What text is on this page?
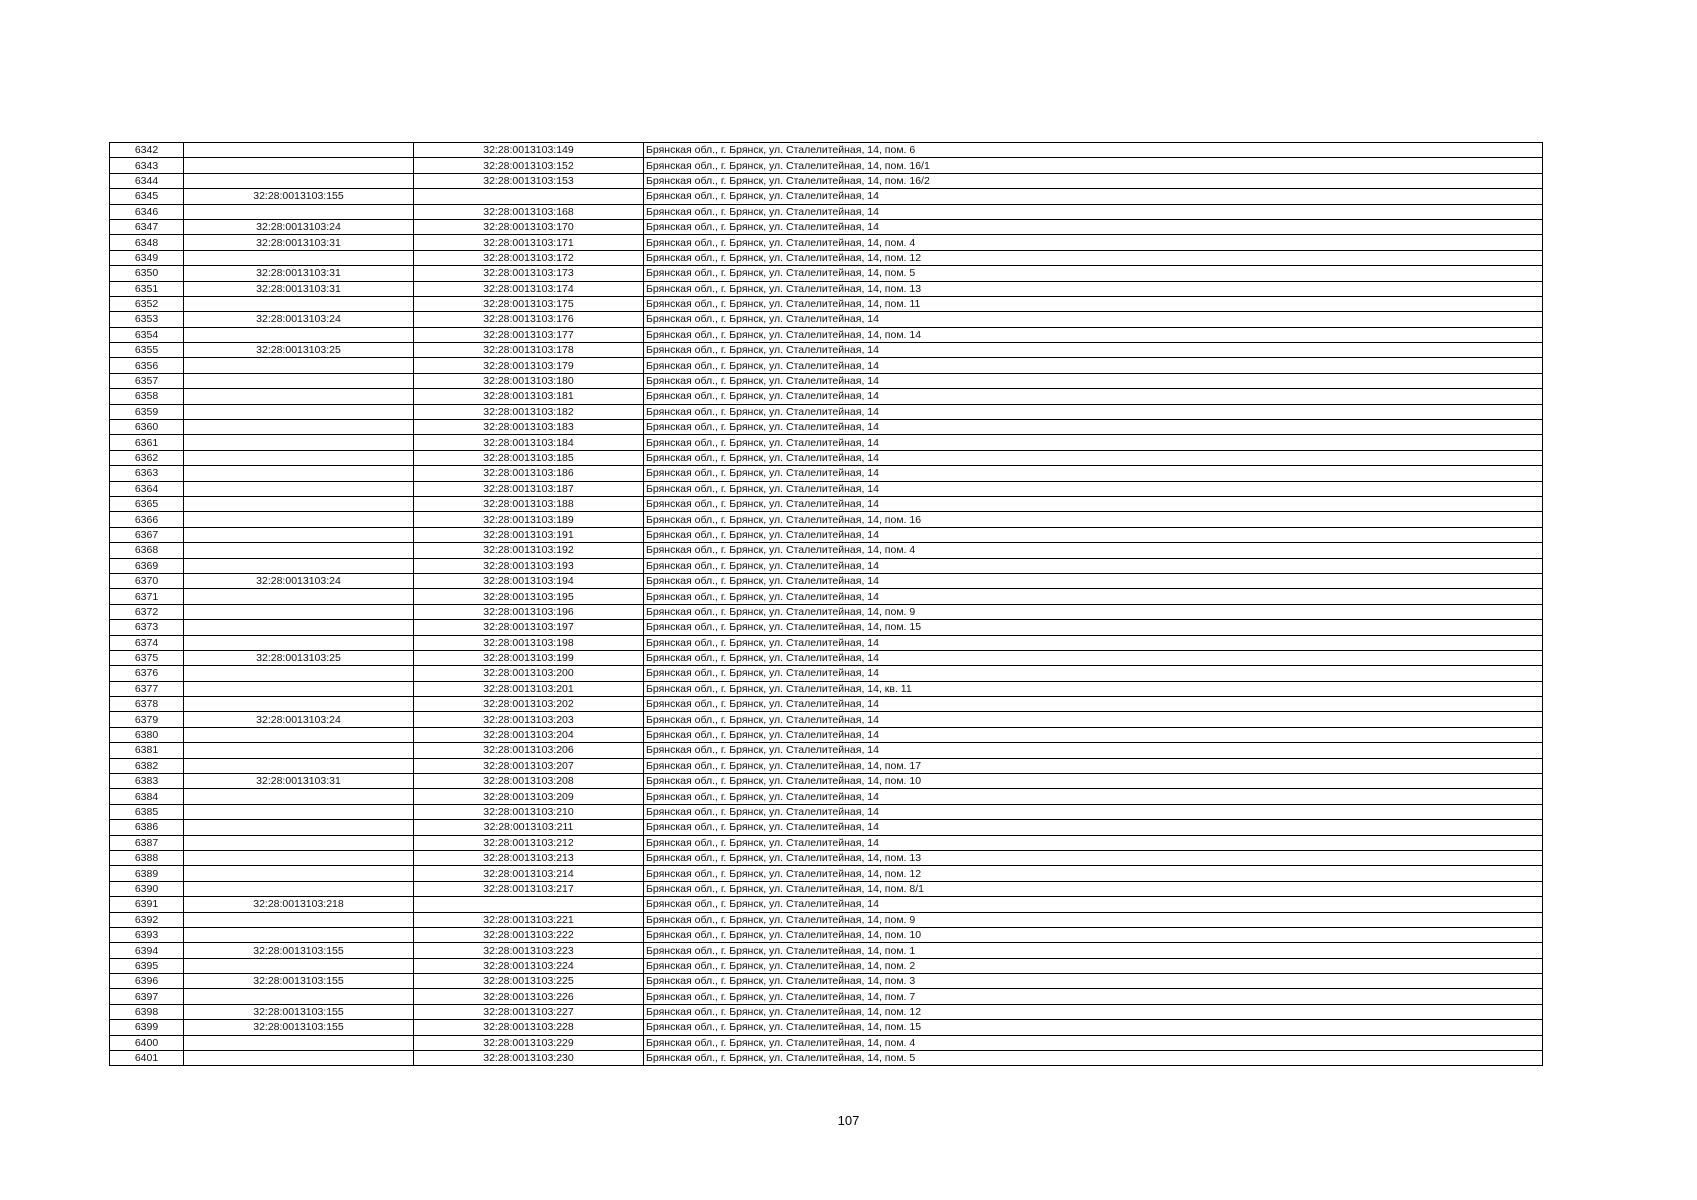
6342		32:28:0013103:149	Брянская обл., г. Брянск, ул. Сталелитейная, 14, пом. 6
6343		32:28:0013103:152	Брянская обл., г. Брянск, ул. Сталелитейная, 14, пом. 16/1
6344		32:28:0013103:153	Брянская обл., г. Брянск, ул. Сталелитейная, 14, пом. 16/2
6345	32:28:0013103:155		Брянская обл., г. Брянск, ул. Сталелитейная, 14
6346		32:28:0013103:168	Брянская обл., г. Брянск, ул. Сталелитейная, 14
6347	32:28:0013103:24	32:28:0013103:170	Брянская обл., г. Брянск, ул. Сталелитейная, 14
6348	32:28:0013103:31	32:28:0013103:171	Брянская обл., г. Брянск, ул. Сталелитейная, 14, пом. 4
6349		32:28:0013103:172	Брянская обл., г. Брянск, ул. Сталелитейная, 14, пом. 12
6350	32:28:0013103:31	32:28:0013103:173	Брянская обл., г. Брянск, ул. Сталелитейная, 14, пом. 5
6351	32:28:0013103:31	32:28:0013103:174	Брянская обл., г. Брянск, ул. Сталелитейная, 14, пом. 13
6352		32:28:0013103:175	Брянская обл., г. Брянск, ул. Сталелитейная, 14, пом. 11
6353	32:28:0013103:24	32:28:0013103:176	Брянская обл., г. Брянск, ул. Сталелитейная, 14
6354		32:28:0013103:177	Брянская обл., г. Брянск, ул. Сталелитейная, 14, пом. 14
6355	32:28:0013103:25	32:28:0013103:178	Брянская обл., г. Брянск, ул. Сталелитейная, 14
6356		32:28:0013103:179	Брянская обл., г. Брянск, ул. Сталелитейная, 14
6357		32:28:0013103:180	Брянская обл., г. Брянск, ул. Сталелитейная, 14
6358		32:28:0013103:181	Брянская обл., г. Брянск, ул. Сталелитейная, 14
6359		32:28:0013103:182	Брянская обл., г. Брянск, ул. Сталелитейная, 14
6360		32:28:0013103:183	Брянская обл., г. Брянск, ул. Сталелитейная, 14
6361		32:28:0013103:184	Брянская обл., г. Брянск, ул. Сталелитейная, 14
6362		32:28:0013103:185	Брянская обл., г. Брянск, ул. Сталелитейная, 14
6363		32:28:0013103:186	Брянская обл., г. Брянск, ул. Сталелитейная, 14
6364		32:28:0013103:187	Брянская обл., г. Брянск, ул. Сталелитейная, 14
6365		32:28:0013103:188	Брянская обл., г. Брянск, ул. Сталелитейная, 14
6366		32:28:0013103:189	Брянская обл., г. Брянск, ул. Сталелитейная, 14, пом. 16
6367		32:28:0013103:191	Брянская обл., г. Брянск, ул. Сталелитейная, 14
6368		32:28:0013103:192	Брянская обл., г. Брянск, ул. Сталелитейная, 14, пом. 4
6369		32:28:0013103:193	Брянская обл., г. Брянск, ул. Сталелитейная, 14
6370	32:28:0013103:24	32:28:0013103:194	Брянская обл., г. Брянск, ул. Сталелитейная, 14
6371		32:28:0013103:195	Брянская обл., г. Брянск, ул. Сталелитейная, 14
6372		32:28:0013103:196	Брянская обл., г. Брянск, ул. Сталелитейная, 14, пом. 9
6373		32:28:0013103:197	Брянская обл., г. Брянск, ул. Сталелитейная, 14, пом. 15
6374		32:28:0013103:198	Брянская обл., г. Брянск, ул. Сталелитейная, 14
6375	32:28:0013103:25	32:28:0013103:199	Брянская обл., г. Брянск, ул. Сталелитейная, 14
6376		32:28:0013103:200	Брянская обл., г. Брянск, ул. Сталелитейная, 14
6377		32:28:0013103:201	Брянская обл., г. Брянск, ул. Сталелитейная, 14, кв. 11
6378		32:28:0013103:202	Брянская обл., г. Брянск, ул. Сталелитейная, 14
6379	32:28:0013103:24	32:28:0013103:203	Брянская обл., г. Брянск, ул. Сталелитейная, 14
6380		32:28:0013103:204	Брянская обл., г. Брянск, ул. Сталелитейная, 14
6381		32:28:0013103:206	Брянская обл., г. Брянск, ул. Сталелитейная, 14
6382		32:28:0013103:207	Брянская обл., г. Брянск, ул. Сталелитейная, 14, пом. 17
6383	32:28:0013103:31	32:28:0013103:208	Брянская обл., г. Брянск, ул. Сталелитейная, 14, пом. 10
6384		32:28:0013103:209	Брянская обл., г. Брянск, ул. Сталелитейная, 14
6385		32:28:0013103:210	Брянская обл., г. Брянск, ул. Сталелитейная, 14
6386		32:28:0013103:211	Брянская обл., г. Брянск, ул. Сталелитейная, 14
6387		32:28:0013103:212	Брянская обл., г. Брянск, ул. Сталелитейная, 14
6388		32:28:0013103:213	Брянская обл., г. Брянск, ул. Сталелитейная, 14, пом. 13
6389		32:28:0013103:214	Брянская обл., г. Брянск, ул. Сталелитейная, 14, пом. 12
6390		32:28:0013103:217	Брянская обл., г. Брянск, ул. Сталелитейная, 14, пом. 8/1
6391	32:28:0013103:218		Брянская обл., г. Брянск, ул. Сталелитейная, 14
6392		32:28:0013103:221	Брянская обл., г. Брянск, ул. Сталелитейная, 14, пом. 9
6393		32:28:0013103:222	Брянская обл., г. Брянск, ул. Сталелитейная, 14, пом. 10
6394	32:28:0013103:155	32:28:0013103:223	Брянская обл., г. Брянск, ул. Сталелитейная, 14, пом. 1
6395		32:28:0013103:224	Брянская обл., г. Брянск, ул. Сталелитейная, 14, пом. 2
6396	32:28:0013103:155	32:28:0013103:225	Брянская обл., г. Брянск, ул. Сталелитейная, 14, пом. 3
6397		32:28:0013103:226	Брянская обл., г. Брянск, ул. Сталелитейная, 14, пом. 7
6398	32:28:0013103:155	32:28:0013103:227	Брянская обл., г. Брянск, ул. Сталелитейная, 14, пом. 12
6399	32:28:0013103:155	32:28:0013103:228	Брянская обл., г. Брянск, ул. Сталелитейная, 14, пом. 15
6400		32:28:0013103:229	Брянская обл., г. Брянск, ул. Сталелитейная, 14, пом. 4
6401		32:28:0013103:230	Брянская обл., г. Брянск, ул. Сталелитейная, 14, пом. 5
107
